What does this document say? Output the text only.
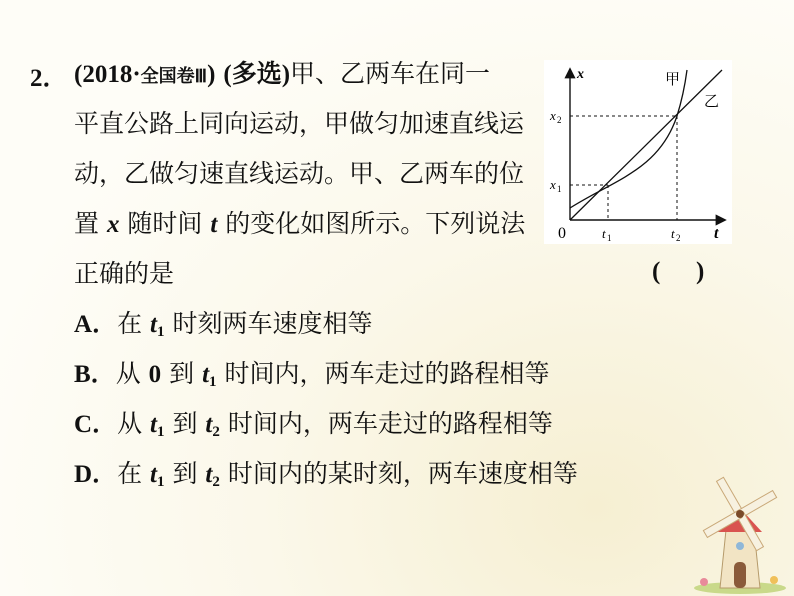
2． (2018·全国卷Ⅲ) (多选)甲、乙两车在同一
平直公路上同向运动，甲做匀加速直线运
动，乙做匀速直线运动。甲、乙两车的位
置 x 随时间 t 的变化如图所示。下列说法
正确的是	( )
A．在 $t_1$ 时刻两车速度相等
B．从 0 到 $t_1$ 时间内，两车走过的路程相等
C．从 $t_1$ 到 $t_2$ 时间内，两车走过的路程相等
D．在 $t_1$ 到 $t_2$ 时间内的某时刻，两车速度相等
x
t
0
x 1
x 2
t 1	t 2
甲
乙
